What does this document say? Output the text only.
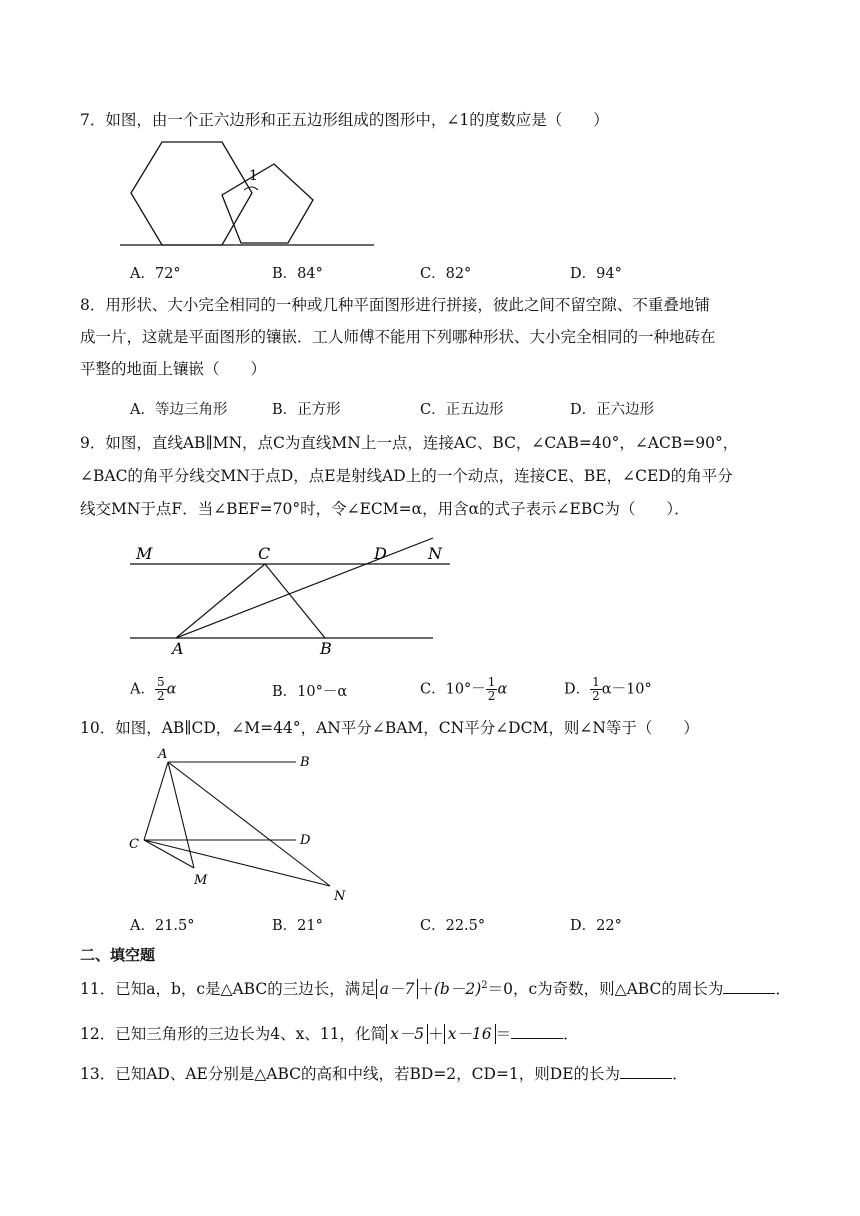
7．如图，由一个正六边形和正五边形组成的图形中，∠1的度数应是（　　）
1
A．72°	B．84°	C．82°	D．94°
8．用形状、大小完全相同的一种或几种平面图形进行拼接，彼此之间不留空隙、不重叠地铺
成一片，这就是平面图形的镶嵌．工人师傅不能用下列哪种形状、大小完全相同的一种地砖在
平整的地面上镶嵌（　　）
A．等边三角形	B．正方形	C．正五边形	D．正六边形
9．如图，直线AB∥MN，点C为直线MN上一点，连接AC、BC，∠CAB=40°，∠ACB=90°，
∠BAC的角平分线交MN于点D，点E是射线AD上的一个动点，连接CE、BE，∠CED的角平分
线交MN于点F．当∠BEF=70°时，令∠ECM=α，用含α的式子表示∠EBC为（　　）．
M	C	D	N
A	B
A． $\frac{5}{2}$ α	B．10°－α	C．$10^\circ- \frac{1}{2}$ α	D． $\frac{1}{2} \alpha-10^\circ$
10．如图，AB∥CD，∠M=44°，AN平分∠BAM，CN平分∠DCM，则∠N等于（　　）
A
B
C	D
M
N
A．21.5°	B．21°	C．22.5°	D．22°
二、填空题
11．已知a，b，c是△ABC的三边长，满足 $a-7 +(b-2)^2=0$，c为奇数，则△ABC的周长为	．
12．已知三角形的三边长为4、x、11，化简 x－5 ＋ x－16 ＝	．
13．已知AD、AE分别是△ABC的高和中线，若BD=2，CD=1，则DE的长为	．
